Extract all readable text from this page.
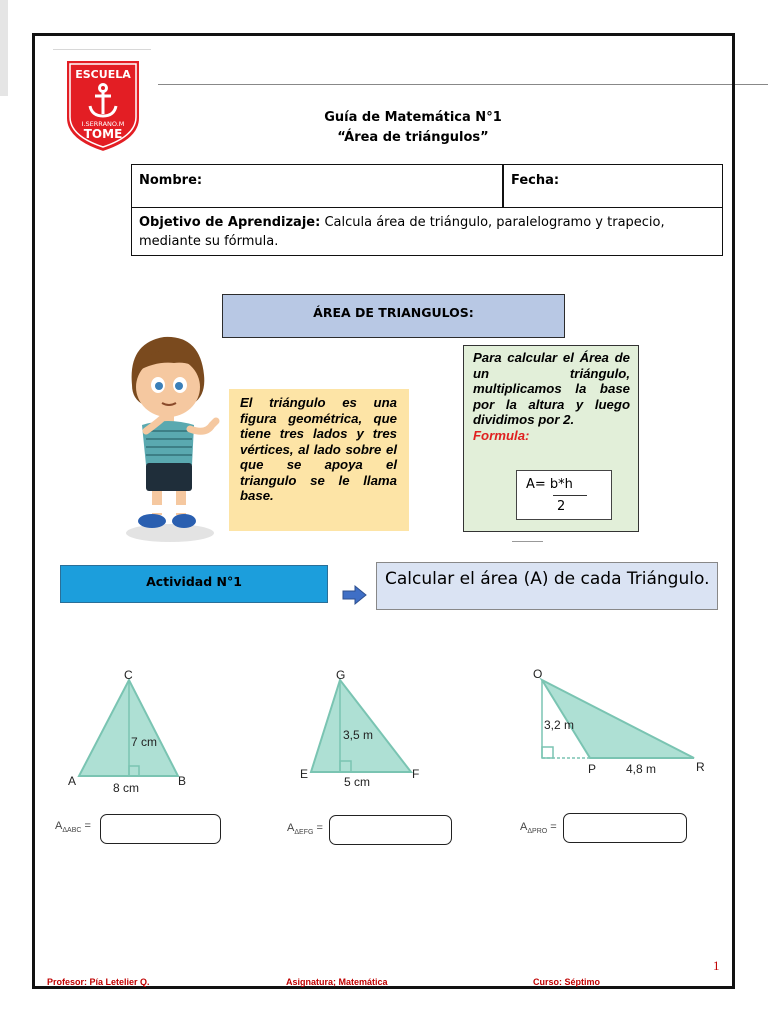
ESCUELA
I.SERRANO.M
TOME
Guía de Matemática N°1
“Área de triángulos”
Nombre:	Fecha:
Objetivo de Aprendizaje: Calcula área de triángulo, paralelogramo y trapecio, mediante su fórmula.
ÁREA DE TRIANGULOS:
El triángulo es una figura geométrica, que tiene tres lados y tres vértices, al lado sobre el que se apoya el triangulo se le llama base.
Para calcular el Área de un triángulo, multiplicamos la base por la altura y luego dividimos por 2.
Formula:
A= b*h
2
Actividad N°1	Calcular el área (A) de cada Triángulo.
C
A	B
7 cm
8 cm
G
E	F
3,5 m
5 cm
O
P	R
3,2 m
4,8 m
$A_{\Delta ABC}$ =	$A_{\Delta EFG}$ =	$A_{\Delta PRO}$ =
1
Profesor: Pía Letelier Q.	Asignatura; Matemática	Curso: Séptimo
